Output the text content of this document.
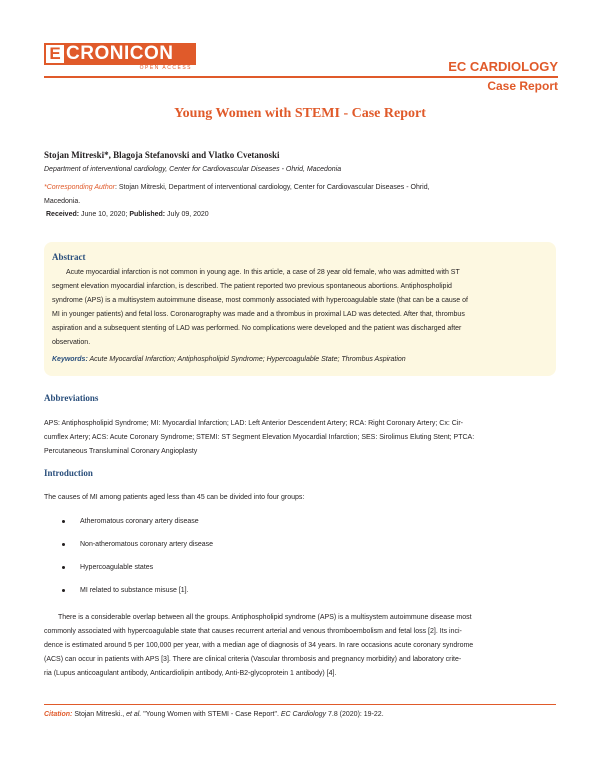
E CRONICON
OPEN ACCESS	EC CARDIOLOGY
Case Report
Young Women with STEMI - Case Report
Stojan Mitreski*, Blagoja Stefanovski and Vlatko Cvetanoski
Department of interventional cardiology, Center for Cardiovascular Diseases - Ohrid, Macedonia
*Corresponding Author: Stojan Mitreski, Department of interventional cardiology, Center for Cardiovascular Diseases - Ohrid,
Macedonia.
Received: June 10, 2020; Published: July 09, 2020
Abstract
Acute myocardial infarction is not common in young age. In this article, a case of 28 year old female, who was admitted with ST
segment elevation myocardial infarction, is described. The patient reported two previous spontaneous abortions. Antiphospholipid
syndrome (APS) is a multisystem autoimmune disease, most commonly associated with hypercoagulable state (that can be a cause of
MI in younger patients) and fetal loss. Coronarography was made and a thrombus in proximal LAD was detected. After that, thrombus
aspiration and a subsequent stenting of LAD was performed. No complications were developed and the patient was discharged after
observation.
Keywords: Acute Myocardial Infarction; Antiphospholipid Syndrome; Hypercoagulable State; Thrombus Aspiration
Abbreviations
APS: Antiphospholipid Syndrome; MI: Myocardial Infarction; LAD: Left Anterior Descendent Artery; RCA: Right Coronary Artery; Cx: Cir-
cumflex Artery; ACS: Acute Coronary Syndrome; STEMI: ST Segment Elevation Myocardial Infarction; SES: Sirolimus Eluting Stent; PTCA:
Percutaneous Transluminal Coronary Angioplasty
Introduction
The causes of MI among patients aged less than 45 can be divided into four groups:
Atheromatous coronary artery disease
Non-atheromatous coronary artery disease
Hypercoagulable states
MI related to substance misuse [1].
There is a considerable overlap between all the groups. Antiphospholipid syndrome (APS) is a multisystem autoimmune disease most
commonly associated with hypercoagulable state that causes recurrent arterial and venous thromboembolism and fetal loss [2]. Its inci-
dence is estimated around 5 per 100,000 per year, with a median age of diagnosis of 34 years. In rare occasions acute coronary syndrome
(ACS) can occur in patients with APS [3]. There are clinical criteria (Vascular thrombosis and pregnancy morbidity) and laboratory crite-
ria (Lupus anticoagulant antibody, Anticardiolipin antibody, Anti-B2-glycoprotein 1 antibody) [4].
Citation: Stojan Mitreski., et al. "Young Women with STEMI - Case Report". EC Cardiology 7.8 (2020): 19-22.
